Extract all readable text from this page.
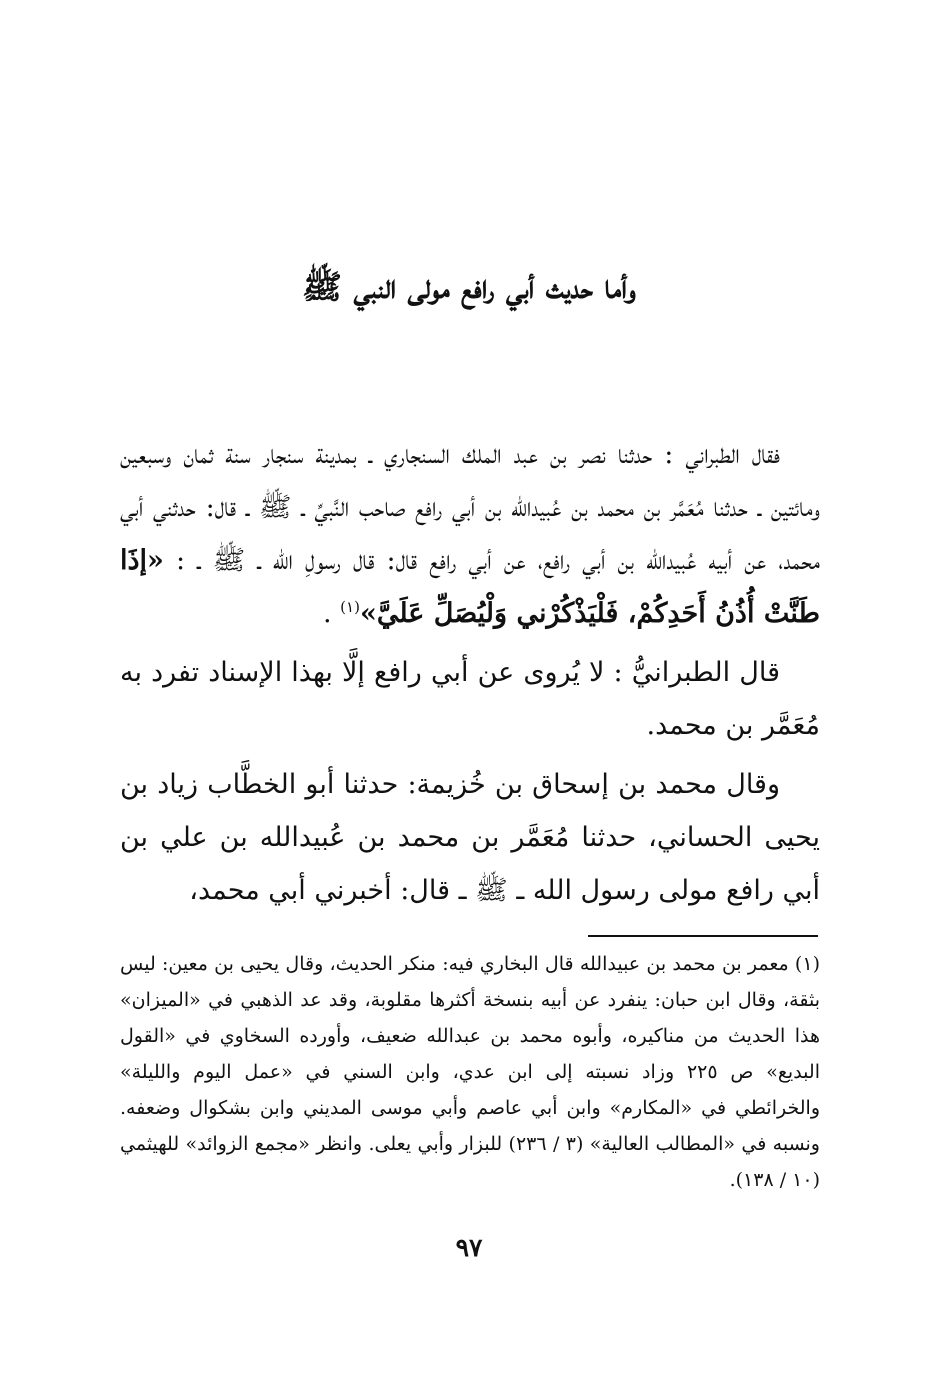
وأما حديث أبي رافع مولى النبي ﷺ

فقال الطبراني : حدثنا نصر بن عبد الملك السنجاري ـ بمدينة سنجار سنة ثمان وسبعين ومائتين ـ حدثنا مُعَمَّر بن محمد بن عُبيدالله بن أبي رافع صاحب النَّبيِّ ـ ﷺ ـ قال: حدثني أبي محمد، عن أبيه عُبيدالله بن أبي رافع، عن أبي رافع قال: قال رسولِ الله ـ ﷺ ـ : «إذَا طَنَّتْ أُذُنُ أَحَدِكُمْ، فَلْيَذْكُرْني وَلْيُصَلِّ عَلَيَّ»$^{(١)}$ .

قال الطبرانيُّ : لا يُروى عن أبي رافع إلَّا بهذا الإسناد تفرد به مُعَمَّر بن محمد.

وقال محمد بن إسحاق بن خُزيمة: حدثنا أبو الخطَّاب زياد بن يحيى الحساني، حدثنا مُعَمَّر بن محمد بن عُبيدالله بن علي بن أبي رافع مولى رسول الله ـ ﷺ ـ قال: أخبرني أبي محمد،

(١) معمر بن محمد بن عبيدالله قال البخاري فيه: منكر الحديث، وقال يحيى بن معين: ليس بثقة، وقال ابن حبان: ينفرد عن أبيه بنسخة أكثرها مقلوبة، وقد عد الذهبي في «الميزان» هذا الحديث من مناكيره، وأبوه محمد بن عبدالله ضعيف، وأورده السخاوي في «القول البديع» ص ٢٢٥ وزاد نسبته إلى ابن عدي، وابن السني في «عمل اليوم والليلة» والخرائطي في «المكارم» وابن أبي عاصم وأبي موسى المديني وابن بشكوال وضعفه. ونسبه في «المطالب العالية» (٣ / ٢٣٦) للبزار وأبي يعلى. وانظر «مجمع الزوائد» للهيثمي (١٠ / ١٣٨).

٩٧
